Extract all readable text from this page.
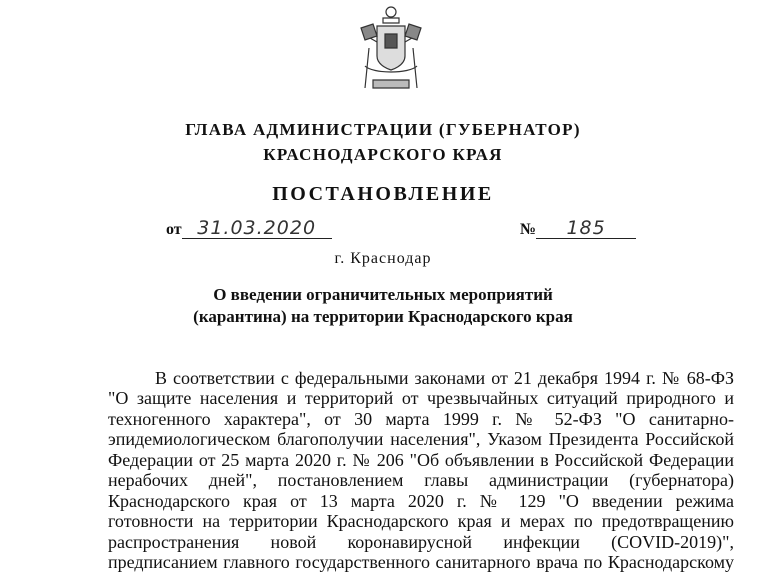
ГЛАВА АДМИНИСТРАЦИИ (ГУБЕРНАТОР)
КРАСНОДАРСКОГО КРАЯ
ПОСТАНОВЛЕНИЕ
от 31.03.2020	№ 185
г. Краснодар
О введении ограничительных мероприятий
(карантина) на территории Краснодарского края
В соответствии с федеральными законами от 21 декабря 1994 г. № 68-ФЗ
"О защите населения и территорий от чрезвычайных ситуаций природного и
техногенного характера", от 30 марта 1999 г. № 52-ФЗ "О санитарно-
эпидемиологическом благополучии населения", Указом Президента Российской
Федерации от 25 марта 2020 г. № 206 "Об объявлении в Российской Федерации
нерабочих дней", постановлением главы администрации (губернатора)
Краснодарского края от 13 марта 2020 г. № 129 "О введении режима
готовности на территории Краснодарского края и мерах по предотвращению
распространения новой коронавирусной инфекции (COVID-2019)",
предписанием главного государственного санитарного врача по Краснодарскому
